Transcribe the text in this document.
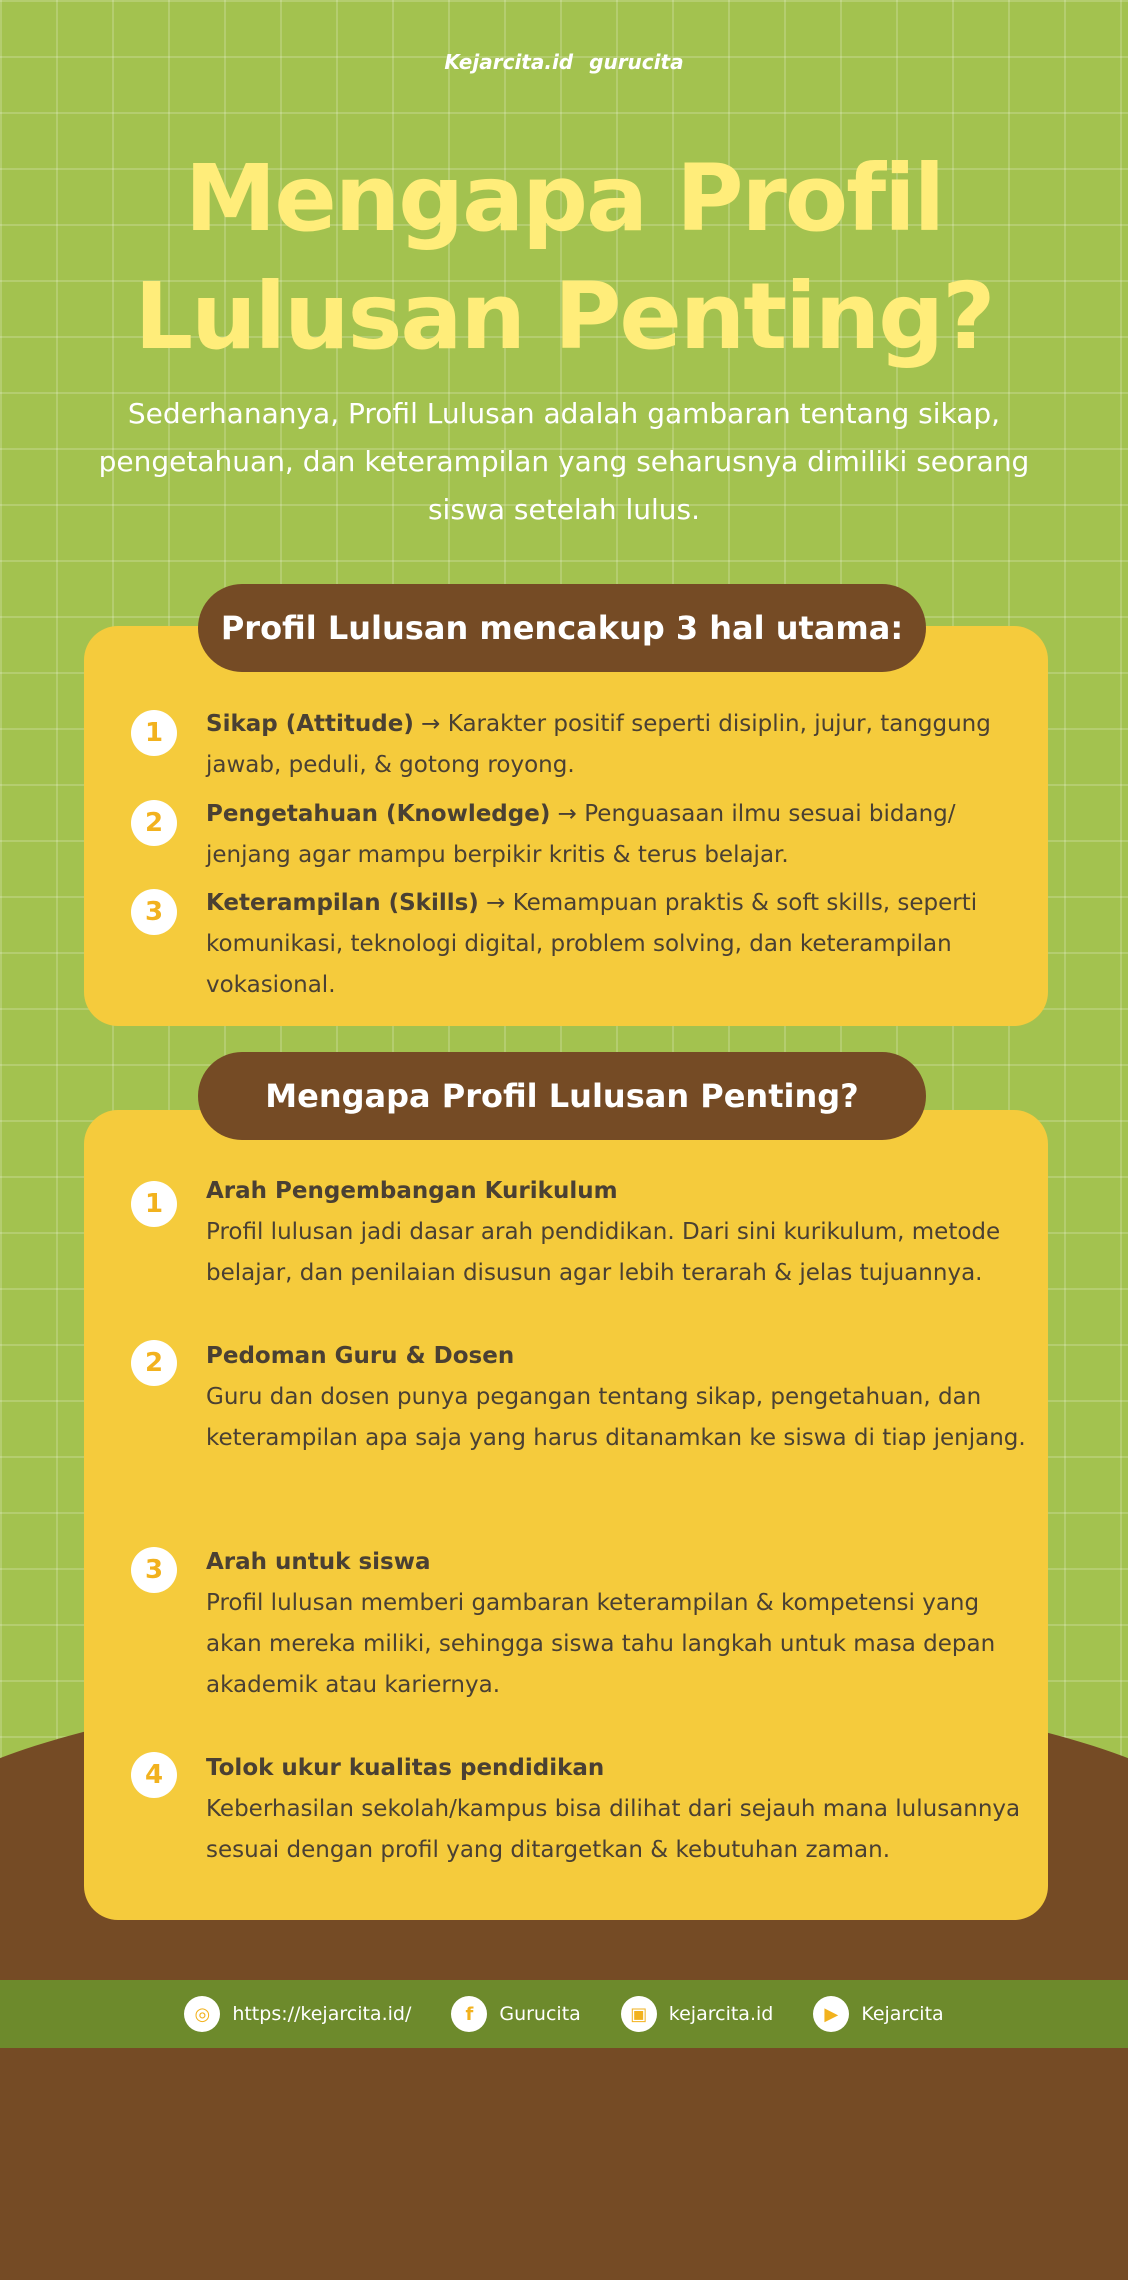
Kejarcita.id gurucita
Mengapa Profil
Lulusan Penting?

Sederhananya, Profil Lulusan adalah gambaran tentang sikap, pengetahuan, dan keterampilan yang seharusnya dimiliki seorang siswa setelah lulus.

Profil Lulusan mencakup 3 hal utama:
1	Sikap (Attitude) → Karakter positif seperti disiplin, jujur, tanggung jawab, peduli, & gotong royong.
2	Pengetahuan (Knowledge) → Penguasaan ilmu sesuai bidang/ jenjang agar mampu berpikir kritis & terus belajar.
3	Keterampilan (Skills) → Kemampuan praktis & soft skills, seperti komunikasi, teknologi digital, problem solving, dan keterampilan vokasional.
Mengapa Profil Lulusan Penting?
1	Arah Pengembangan Kurikulum
Profil lulusan jadi dasar arah pendidikan. Dari sini kurikulum, metode belajar, dan penilaian disusun agar lebih terarah & jelas tujuannya.
2	Pedoman Guru & Dosen
Guru dan dosen punya pegangan tentang sikap, pengetahuan, dan keterampilan apa saja yang harus ditanamkan ke siswa di tiap jenjang.
3	Arah untuk siswa
Profil lulusan memberi gambaran keterampilan & kompetensi yang akan mereka miliki, sehingga siswa tahu langkah untuk masa depan akademik atau kariernya.
4	Tolok ukur kualitas pendidikan
Keberhasilan sekolah/kampus bisa dilihat dari sejauh mana lulusannya sesuai dengan profil yang ditargetkan & kebutuhan zaman.
◎	https://kejarcita.id/	f	Gurucita	▣	kejarcita.id	▶	Kejarcita
